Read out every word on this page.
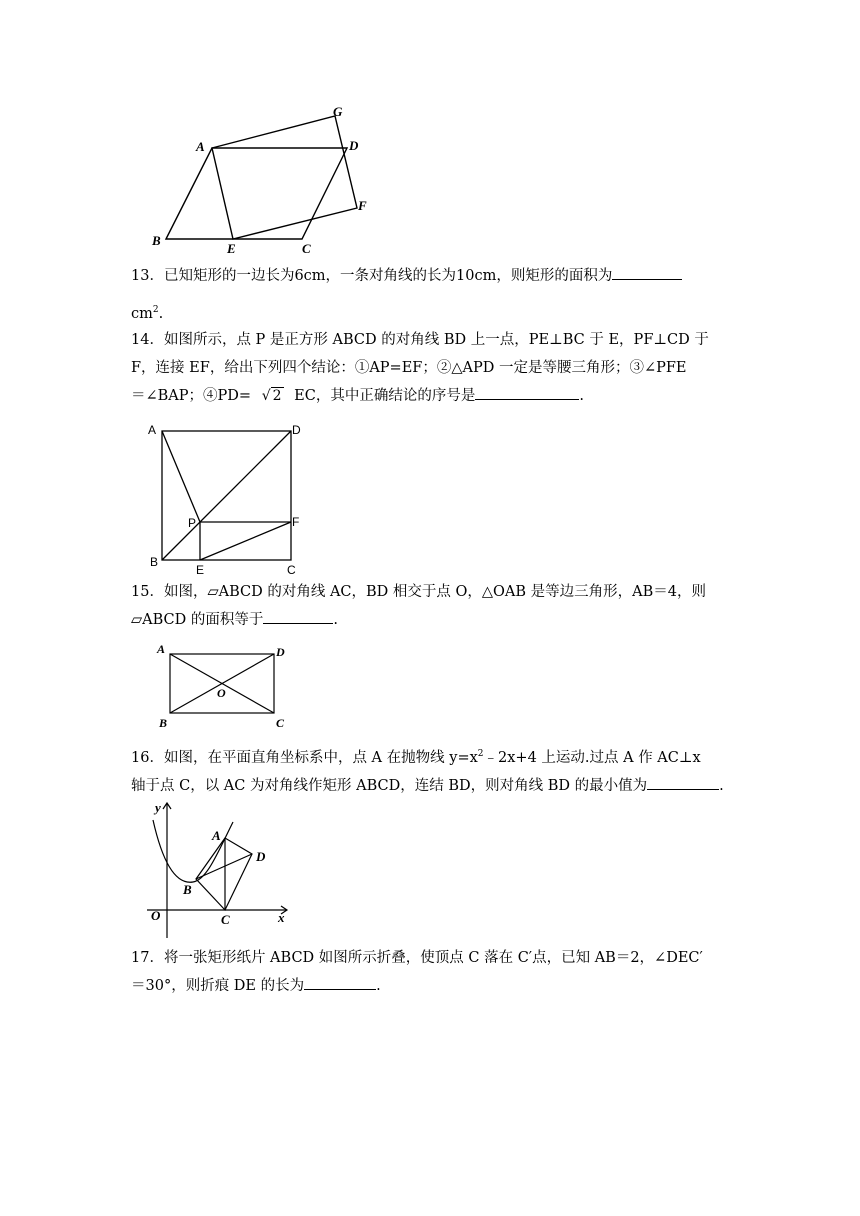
G
A	D
F
B
E	C
13．已知矩形的一边长为6cm，一条对角线的长为10cm，则矩形的面积为
$cm^2$.
14．如图所示，点 P 是正方形 ABCD 的对角线 BD 上一点，PE⊥BC 于 E，PF⊥CD 于
F，连接 EF，给出下列四个结论：①AP=EF；②△APD 一定是等腰三角形；③∠PFE
＝∠BAP；④PD= √ 2 EC，其中正确结论的序号是	.
A	D
P	F
B
E	C
15．如图，▱ABCD 的对角线 AC，BD 相交于点 O，△OAB 是等边三角形，AB＝4，则
▱ABCD 的面积等于	.
A	D
O
B	C
16．如图，在平面直角坐标系中，点 A 在抛物线 $y=x^2﹣2x+4$ 上运动.过点 A 作 AC⊥x
轴于点 C，以 AC 为对角线作矩形 ABCD，连结 BD，则对角线 BD 的最小值为	.
y
A
D
B
O	C	x
17．将一张矩形纸片 ABCD 如图所示折叠，使顶点 C 落在 C′点，已知 AB＝2，∠DEC′
＝30°，则折痕 DE 的长为	.
